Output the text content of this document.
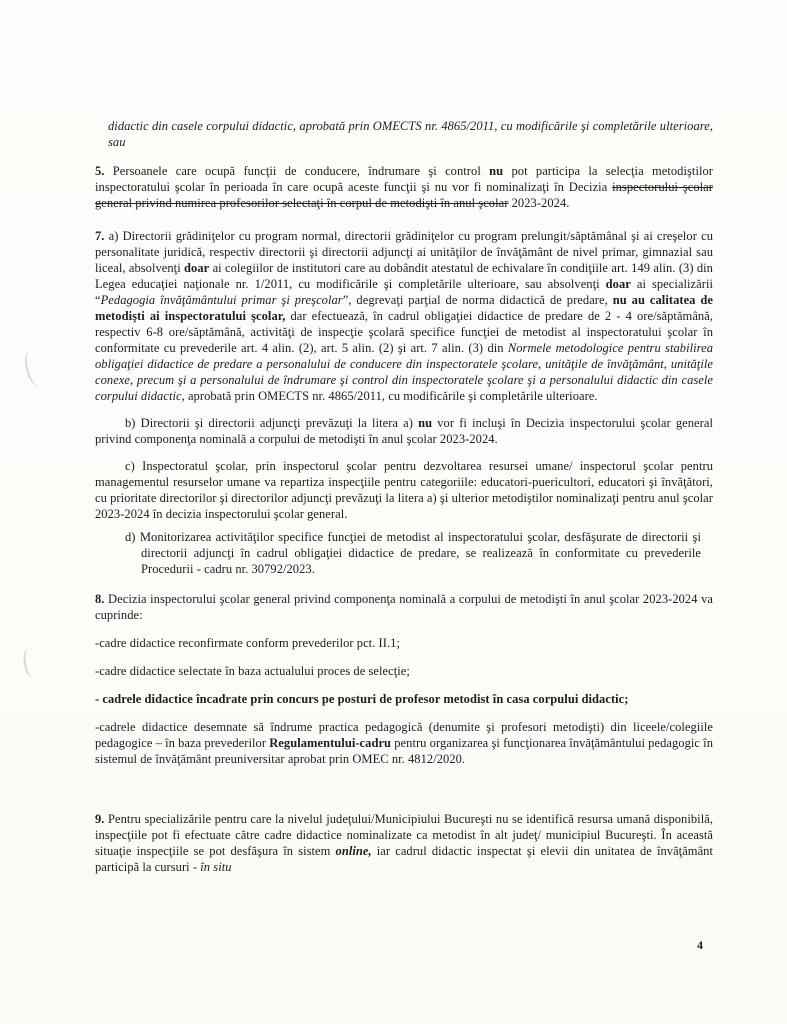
didactic din casele corpului didactic, aprobată prin OMECTS nr. 4865/2011, cu modificările şi completările ulterioare, sau

5. Persoanele care ocupă funcţii de conducere, îndrumare şi control nu pot participa la selecţia metodiştilor inspectoratului şcolar în perioada în care ocupă aceste funcţii şi nu vor fi nominalizaţi în Decizia inspectorului şcolar general privind numirea profesorilor selectaţi în corpul de metodişti în anul şcolar 2023-2024.

7. a) Directorii grădiniţelor cu program normal, directorii grădiniţelor cu program prelungit/săptămânal şi ai creşelor cu personalitate juridică, respectiv directorii şi directorii adjuncţi ai unităţilor de învăţământ de nivel primar, gimnazial sau liceal, absolvenţi doar ai colegiilor de institutori care au dobândit atestatul de echivalare în condiţiile art. 149 alin. (3) din Legea educaţiei naţionale nr. 1/2011, cu modificările şi completările ulterioare, sau absolvenţi doar ai specializării “Pedagogia învăţământului primar şi preşcolar”, degrevaţi parţial de norma didactică de predare, nu au calitatea de metodişti ai inspectoratului şcolar, dar efectuează, în cadrul obligaţiei didactice de predare de 2 - 4 ore/săptămână, respectiv 6-8 ore/săptămână, activităţi de inspecţie şcolară specifice funcţiei de metodist al inspectoratului şcolar în conformitate cu prevederile art. 4 alin. (2), art. 5 alin. (2) şi art. 7 alin. (3) din Normele metodologice pentru stabilirea obligaţiei didactice de predare a personalului de conducere din inspectoratele şcolare, unităţile de învăţământ, unităţile conexe, precum şi a personalului de îndrumare şi control din inspectoratele şcolare şi a personalului didactic din casele corpului didactic, aprobată prin OMECTS nr. 4865/2011, cu modificările şi completările ulterioare.

b) Directorii şi directorii adjuncţi prevăzuţi la litera a) nu vor fi incluşi în Decizia inspectorului şcolar general privind componenţa nominală a corpului de metodişti în anul şcolar 2023-2024.

c) Inspectoratul şcolar, prin inspectorul şcolar pentru dezvoltarea resursei umane/ inspectorul şcolar pentru managementul resurselor umane va repartiza inspecţiile pentru categoriile: educatori-puericultori, educatori şi învăţători, cu prioritate directorilor şi directorilor adjuncţi prevăzuţi la litera a) şi ulterior metodiştilor nominalizaţi pentru anul şcolar 2023-2024 în decizia inspectorului şcolar general.

d) Monitorizarea activităţilor specifice funcţiei de metodist al inspectoratului şcolar, desfăşurate de directorii şi directorii adjuncţi în cadrul obligaţiei didactice de predare, se realizează în conformitate cu prevederile Procedurii - cadru nr. 30792/2023.

8. Decizia inspectorului şcolar general privind componenţa nominală a corpului de metodişti în anul şcolar 2023-2024 va cuprinde:

-cadre didactice reconfirmate conform prevederilor pct. II.1;

-cadre didactice selectate în baza actualului proces de selecţie;

- cadrele didactice încadrate prin concurs pe posturi de profesor metodist în casa corpului didactic;

-cadrele didactice desemnate să îndrume practica pedagogică (denumite şi profesori metodişti) din liceele/colegiile pedagogice – în baza prevederilor Regulamentului-cadru pentru organizarea şi funcţionarea învăţământului pedagogic în sistemul de învăţământ preuniversitar aprobat prin OMEC nr. 4812/2020.

9. Pentru specializările pentru care la nivelul judeţului/Municipiului Bucureşti nu se identifică resursa umană disponibilă, inspecţiile pot fi efectuate către cadre didactice nominalizate ca metodist în alt judeţ/ municipiul Bucureşti. În această situaţie inspecţiile se pot desfăşura în sistem online, iar cadrul didactic inspectat şi elevii din unitatea de învăţământ participă la cursuri - în situ

4
